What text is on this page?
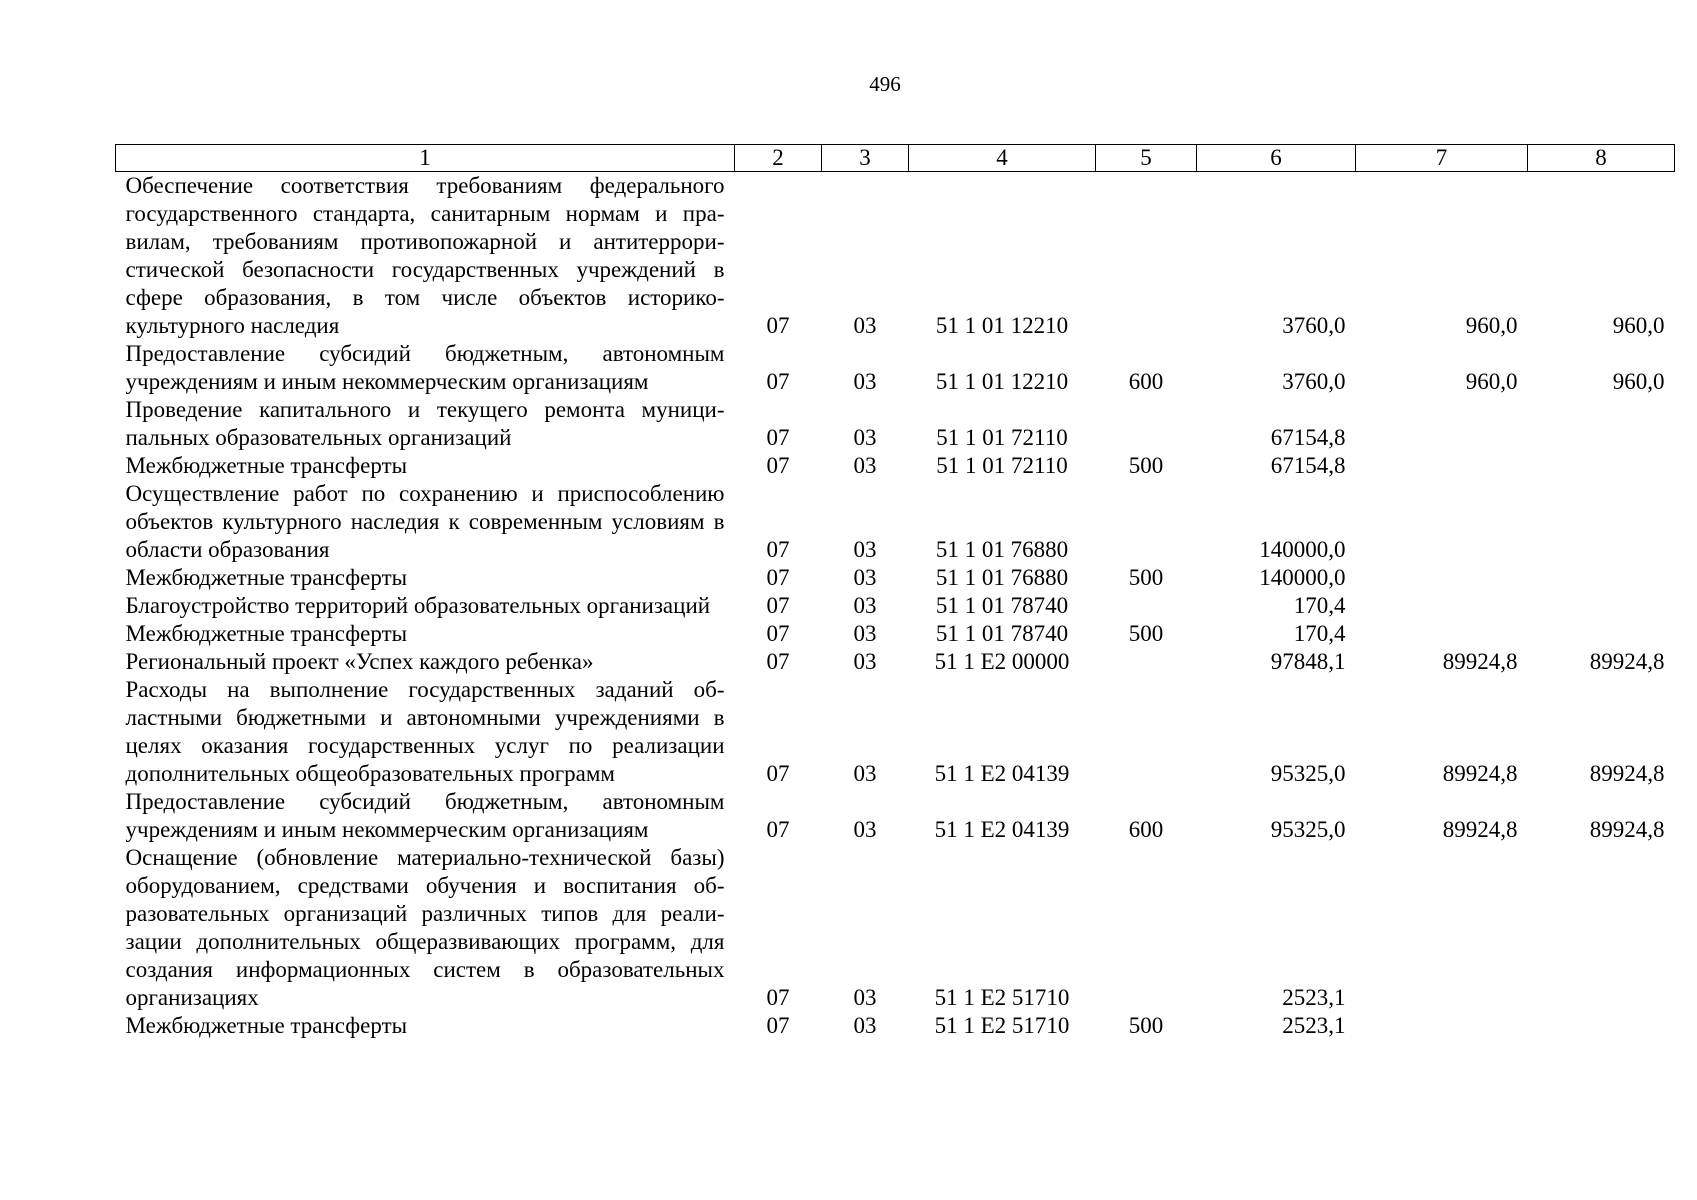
496
1	2	3	4	5	6	7	8
Обеспечение соответствия требованиям федерального государственного стандарта, санитарным нормам и правилам, требованиям противопожарной и антитеррористической безопасности государственных учреждений в сфере образования, в том числе объектов историко-культурного наследия	07	03	51 1 01 12210		3760,0	960,0	960,0
Предоставление субсидий бюджетным, автономным учреждениям и иным некоммерческим организациям	07	03	51 1 01 12210	600	3760,0	960,0	960,0
Проведение капитального и текущего ремонта муниципальных образовательных организаций	07	03	51 1 01 72110		67154,8		
Межбюджетные трансферты	07	03	51 1 01 72110	500	67154,8		
Осуществление работ по сохранению и приспособлению объектов культурного наследия к современным условиям в области образования	07	03	51 1 01 76880		140000,0		
Межбюджетные трансферты	07	03	51 1 01 76880	500	140000,0		
Благоустройство территорий образовательных организаций	07	03	51 1 01 78740		170,4		
Межбюджетные трансферты	07	03	51 1 01 78740	500	170,4		
Региональный проект «Успех каждого ребенка»	07	03	51 1 E2 00000		97848,1	89924,8	89924,8
Расходы на выполнение государственных заданий областными бюджетными и автономными учреждениями в целях оказания государственных услуг по реализации дополнительных общеобразовательных программ	07	03	51 1 E2 04139		95325,0	89924,8	89924,8
Предоставление субсидий бюджетным, автономным учреждениям и иным некоммерческим организациям	07	03	51 1 E2 04139	600	95325,0	89924,8	89924,8
Оснащение (обновление материально-технической базы) оборудованием, средствами обучения и воспитания образовательных организаций различных типов для реализации дополнительных общеразвивающих программ, для создания информационных систем в образовательных организациях	07	03	51 1 E2 51710		2523,1		
Межбюджетные трансферты	07	03	51 1 E2 51710	500	2523,1		
